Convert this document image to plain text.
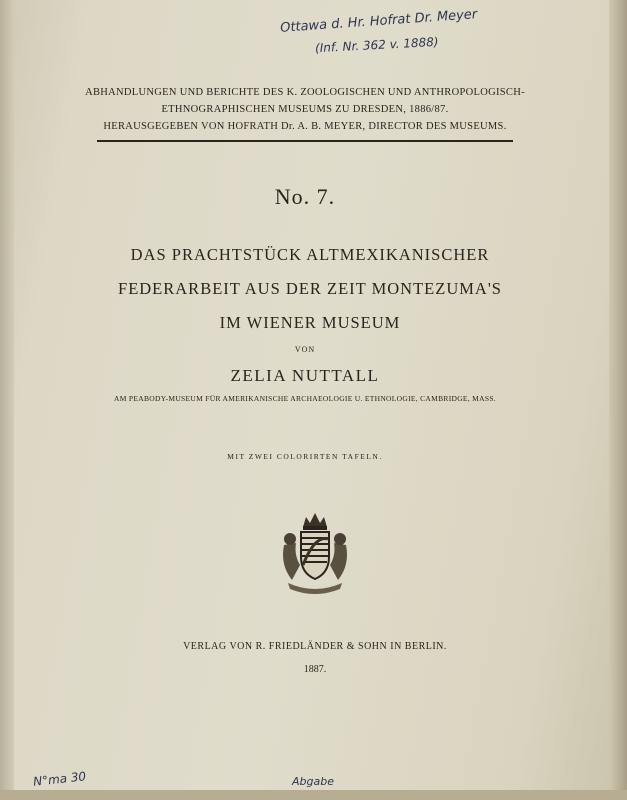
Ottawa d. Hr. Hofrat Dr. Meyer
(Inf. Nr. 362 v. 1888)
N°ma 30	Abgabe
ABHANDLUNGEN UND BERICHTE DES K. ZOOLOGISCHEN UND ANTHROPOLOGISCH-
ETHNOGRAPHISCHEN MUSEUMS ZU DRESDEN, 1886/87.
HERAUSGEGEBEN VON HOFRATH Dr. A. B. MEYER, DIRECTOR DES MUSEUMS.
No. 7.
DAS PRACHTSTÜCK ALTMEXIKANISCHER
FEDERARBEIT AUS DER ZEIT MONTEZUMA'S
IM WIENER MUSEUM
VON
ZELIA NUTTALL
AM PEABODY-MUSEUM FÜR AMERIKANISCHE ARCHAEOLOGIE U. ETHNOLOGIE, CAMBRIDGE, MASS.
MIT ZWEI COLORIRTEN TAFELN.
VERLAG VON R. FRIEDLÄNDER & SOHN IN BERLIN.
1887.
